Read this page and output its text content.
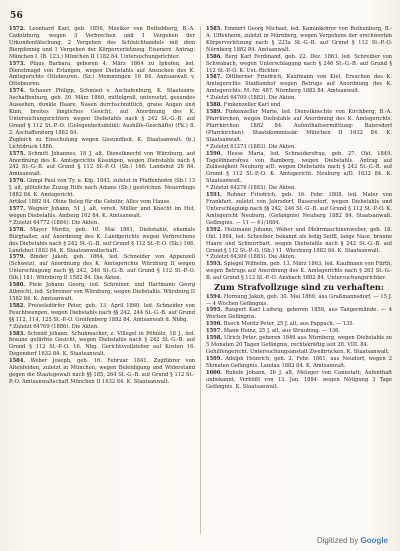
56

1572. Leonhard Karl, geb. 1856, Musiker von Rothsbberg, B.-A. Cadolzburg, wegen 3 Verbrechen und 1 Vergehen der Urkundenfälschung, 2 Vergehen des Schleichhandels mit dem Bierpfennig und 1 Vergehen der Körperverletzung. Eisenerz. Antrag: München I. (B. 123.) München II 1182 84. Untersuchungsrichter.

1573. Pfaus Barbara, geboren 4. März 1864 zu Iphofen, led. Dienstmagd von Erlangen, wegen Diebstahls auf Ansuchen des K. Amtsgerichts Ottobeuren. (Sz.) Memmingen 16 84. Amtsanwalt v. Ottobeuren.

1574. Schauer Philipp, Schmied v. Aschafenburg, K. Staatsanw. Aschaffenburg, geb. 30. März 1860, mittelgroß, untersetzt, gesundes Aussehen, dunkle Haare, Nasen durchschnittlich, graue Augen und Kinn, breites längliches Gesicht, auf Anordnung des K. Untersuchungsrichters wegen Diebstahls nach § 242 St.-G.-B. auf Grund § 112 St.-P.-O. (Gelegenheitsdelikt: Aushilfe-Geschäfts) (Fk.) 8. 2. Aschaffenburg 1882 84.

Zugleich zu Einschulung wegen Gesundheit. K. Staatsanwalt. (b.) Lichtdruck 1886.

1575. Schmitt Johannes, 18 J. alt, Dienstknecht von Würzburg, auf Anordnung des K. Amtsgerichts Kissingen, wegen Diebstahls nach § 242 St.-G.-B. auf Grund § 112 St.-P.-O. (Sb.) 166. Landshut 26 84. Amtsanwalt.

1576. Gimpl Paul von Ty. u. Kfp. 1843, zuletzt in Pfaffenhofen (Sb.) 13 J. alt, plötzliche Zuzug Hilfs nach Adams (Sb.) gestrichen. Neuerdings 1882 84. K. Amtsgericht.

Artikel 1882 84. Ohne Beleg für die Gebühr, Alles vom Hause.

1577. Wagner Johann, 51 J. alt, vereh. Müller und Knecht im Hof, wegen Diebstahls. Amberg 162 84. K. Amtsanwalt.

* Zuletzt 64772 (1884). Die Akten.

1578. Mayer Moritz, geb. 10. Mai 1861, Diebstahls, ehemals Burghalter, auf Anordnung des K. Landgerichts wegen Verbrechens des Diebstahls nach § 242 St.-G.-B. auf Grund § 112 St.-P.-O. (Sb.) 166. Landshut 1882 84. K. Staatsanwaltschaft.

1579. Binder Jakob, geb. 1864, led. Schneider von Appenzell (Schweiz), auf Anordnung des K. Amtsgerichts Würzburg II wegen Unterschlagung nach §§ 242, 246 St.-G.-B. auf Grund § 112 St.-P.-O. (Sb.) 181. Würzburg II 1582 84. Die Akten.

1580. Piele Johann Georg, led. Schreiner, und Hartmann Georg Albrecht, led. Schreiner von Würzburg, wegen Diebstahls. Würzburg II 1582 84. K. Amtsanwalt.

1582. Preiselsdörfer Peter, geb. 13. April 1860, led. Schneider von Feuchtwangen, wegen Diebstahls nach §§ 242, 244 St.-G.-B. auf Grund §§ 112, 114, 125 St.-P.-O. Greifenberg 1882 84. Amtsanwalt d. Nbbg.

* Zuletzt 64769 (1886). Die Akten.

1583. Schmid Johann, Schuhmacher, z. Villegel in Pöhnitz, 18 J., led. braune gefärbte Gesicht, wegen Diebstahls nach § 242 St.-G.-B. auf Grund § 112 St.-P.-O. 16. Nbg. Gerichtsvollzieher auf Kosten 16. Degendorf 1632 84. K. Staatsanwalt.

1584. Weber Joseph, geb. 16. Februar 1841, Zugführer von Altenfelden, zuletzt in München, wegen Beleidigung und Widerstand gegen die Staatsgewalt nach §§ 185, 264 St.-G.-B. auf Grund § 112 St.-P.-O. Amtsanwaltschaft München II 1632 84. K. Staatsanwalt.

1585. Emmert Georg Michael, led. Kaminkehrer von Rothenberg, B.-A. Uffenheim, zuletzt in Nürnberg, wegen Vergehens der erschwerten Körperverletzung nach § 223a St.-G.-B. auf Grund § 112 St.-P.-O. Nürnberg 1882 84. Amtsanwalt.

1586. Berg Karl Ferdinand, geb. 22. Dez. 1863, led. Schreiber von Schwabach, wegen Unterschlagung nach § 246 St.-G.-B. auf Grund § 112 St.-P.-O. K. Ust.-Richter.

1587. Dittberner Friedrich, Kaufmann von Kiel, Ersuchen des K. Amtsgerichts Stadtamhof wegen Betrugs auf Anordnung des K. Amtsgerichts. M.-Nr. 487. Nürnberg 1882 84. Amtsanwalt.

* Zuletzt 64709 (1883). Die Akten.

1588. Finkenzeller Karl und

1589. Finkenzeller Marie, led. Dienstknechte von Kirchberg, B.-A. Pfarrkirchen, wegen Diebstahls auf Anordnung des K. Amtsgerichts. Pfarrkirchen 1882 84. Aufenthaltsermittlung: Baiersdorf (Pfarrkirchen): Staatskommissär. München II 1632 84. K. Staatsanwalt.

* Zuletzt 61273 (1883). Die Akten.

1590. Hesse Maria, led. Schneidersfrau, geb. 27. Okt. 1849, Tagelöhnersfrau von Bamberg, wegen Diebstahls. Antrag auf Zulässigkeit Neuburg a/D. wegen Diebstahls nach § 242 St.-G.-B. auf Grund § 112 St.-P.-O. K. Amtsgericht. Neuburg a/D. 1632 84. K. Staatsanwalt.

* Zuletzt 64276 (1883). Die Akten.

1591. Rohner Friedrich, geb. 16. Febr. 1808, led. Maler von Frankfurt, zuletzt von Jahrsdorf, Bauersdorf, wegen Diebstahls und Unterschlagung nach §§ 242, 246 St.-G.-B. auf Grund § 112 St.-P.-O. K. Amtsgericht Neuburg. (Gefangnis) Neuburg 1882 84. Staatsanwalt. Gefängnis. — 11 — 61/1884.

1592. Holzmann Johann, Weber und Mehrmaschinenweber, geb. 18. Okt. 1864, led. Schreiber, bekannt als ledig Seiffl, lange Nase, braune Haare und Schnurrbart, wegen Diebstahls nach § 242 St.-G.-B. auf Grund § 112 St.-P.-O. (Sb.) 11. Würzburg 1882 84. K. Staatsanwalt.

* Zuletzt 64309 (1883). Die Akten.

1593. Spiegel Wilhelm, geb. 13. März 1863, led. Kaufmann von Fürth, wegen Betrugs auf Anordnung des K. Amtsgerichts nach § 263 St.-G.-B. auf Grund § 112 St.-P.-O. Ansbach 1882 84. Untersuchungsrichter.

Zum Strafvollzuge sind zu verhaften:

1594. Hornung Jakob, geb. 30. Mai 1869, aus Graßmannsdorf, — 15 J. — 4 Wochen Gefängnis.

1595. Raupert Karl Ludwig, geboren 1858, aus Tangermünde. — 4 Wochen Gefängnis.

1596. Busch Moritz Peter, 25 J. alt, aus Pappach. — 135.

1597. Mann Heinz, 25 J. alt, aus Straubing. — 136.

1598. Ulrich Peter, geboren 1846 aus Nürnberg, wegen Diebstahls zu 5 Monaten 20 Tagen Gefängnis, rechtskräftig seit 28. VIII. 84.

Gehilfengericht. Untersuchungsanstalt Zweibrücken. K. Staatsanwalt.

1599. Adolph Heinrich, geb. 2. Febr. 1861, aus Neudorf, wegen 2 Monaten Gefängnis. Landau 1882 84. K. Amtsanwalt.

1600. Ruhele Johann, 36 J. alt, Metzger von Cannstatt; Aufenthalt unbekannt. Verbüßt von 13. Jan. 1884: wegen Nötigung 3 Tage Gefängnis. K. Staatsanwalt.

Digitized by Google
